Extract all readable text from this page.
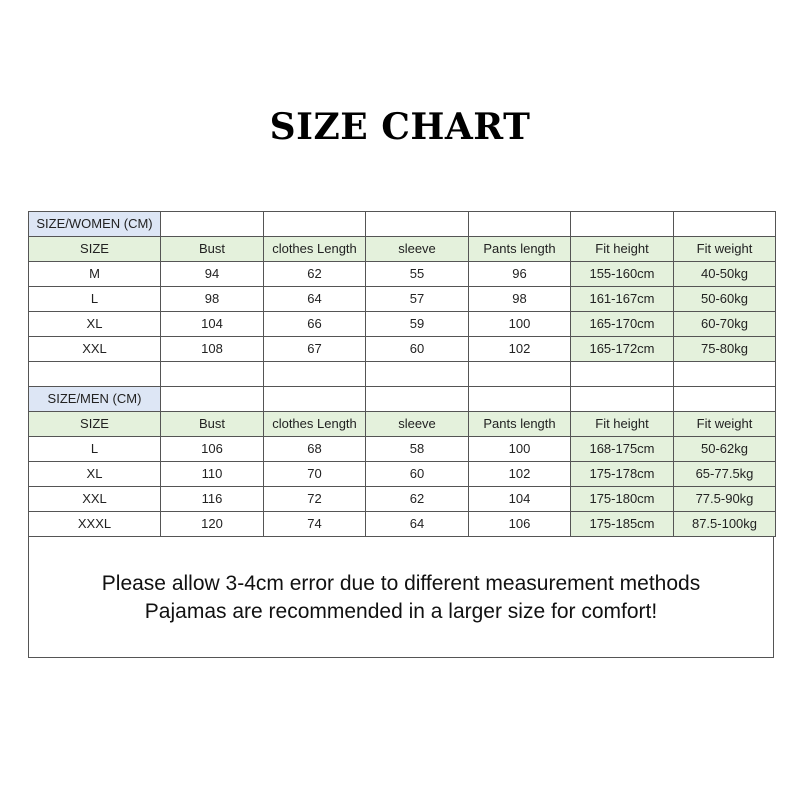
SIZE CHART
SIZE/WOMEN (CM)						
SIZE	Bust	clothes Length	sleeve	Pants length	Fit height	Fit weight
M	94	62	55	96	155-160cm	40-50kg
L	98	64	57	98	161-167cm	50-60kg
XL	104	66	59	100	165-170cm	60-70kg
XXL	108	67	60	102	165-172cm	75-80kg

SIZE/MEN (CM)						
SIZE	Bust	clothes Length	sleeve	Pants length	Fit height	Fit weight
L	106	68	58	100	168-175cm	50-62kg
XL	110	70	60	102	175-178cm	65-77.5kg
XXL	116	72	62	104	175-180cm	77.5-90kg
XXXL	120	74	64	106	175-185cm	87.5-100kg
Please allow 3-4cm error due to different measurement methods
Pajamas are recommended in a larger size for comfort!
